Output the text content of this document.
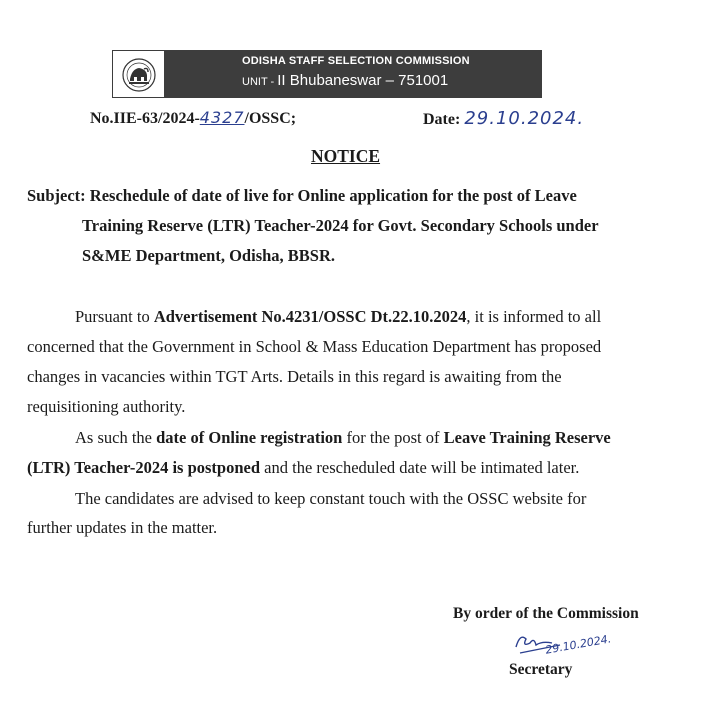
ODISHA STAFF SELECTION COMMISSION
UNIT - II Bhubaneswar – 751001
No.IIE-63/2024-4327/OSSC;	Date: 29.10.2024.
NOTICE
Subject: Reschedule of date of live for Online application for the post of Leave
Training Reserve (LTR) Teacher-2024 for Govt. Secondary Schools under
S&ME Department, Odisha, BBSR.
Pursuant to Advertisement No.4231/OSSC Dt.22.10.2024, it is informed to all
concerned that the Government in School & Mass Education Department has proposed
changes in vacancies within TGT Arts. Details in this regard is awaiting from the
requisitioning authority.
As such the date of Online registration for the post of Leave Training Reserve
(LTR) Teacher-2024 is postponed and the rescheduled date will be intimated later.
The candidates are advised to keep constant touch with the OSSC website for
further updates in the matter.
By order of the Commission
29.10.2024.
Secretary
